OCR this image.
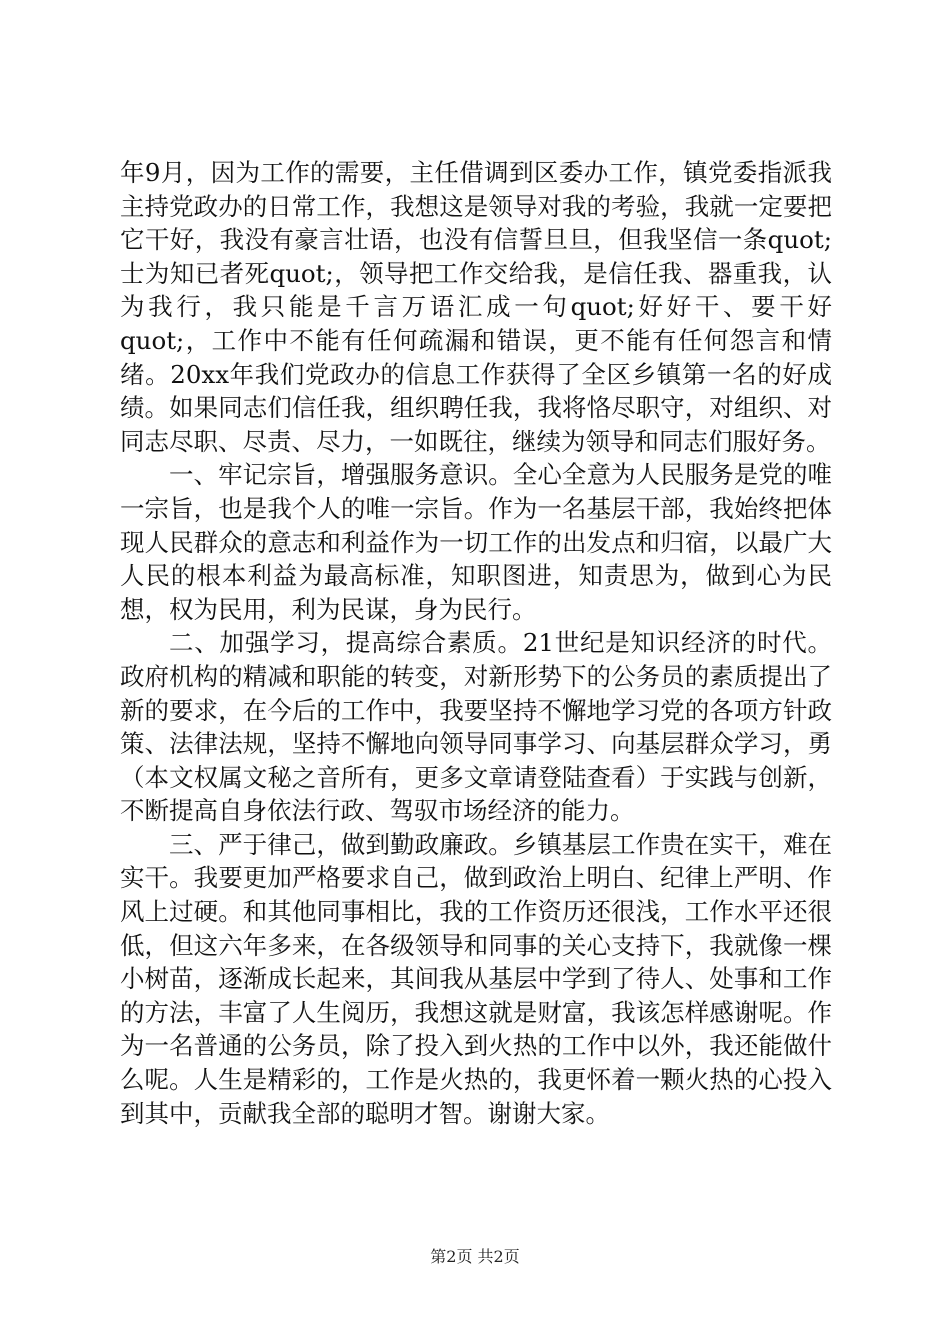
年9月，因为工作的需要，主任借调到区委办工作，镇党委指派我主持党政办的日常工作，我想这是领导对我的考验，我就一定要把它干好，我没有豪言壮语，也没有信誓旦旦，但我坚信一条quot;士为知已者死quot;，领导把工作交给我，是信任我、器重我，认为我行，我只能是千言万语汇成一句quot;好好干、要干好quot;，工作中不能有任何疏漏和错误，更不能有任何怨言和情绪。20xx年我们党政办的信息工作获得了全区乡镇第一名的好成绩。如果同志们信任我，组织聘任我，我将恪尽职守，对组织、对同志尽职、尽责、尽力，一如既往，继续为领导和同志们服好务。

一、牢记宗旨，增强服务意识。全心全意为人民服务是党的唯一宗旨，也是我个人的唯一宗旨。作为一名基层干部，我始终把体现人民群众的意志和利益作为一切工作的出发点和归宿，以最广大人民的根本利益为最高标准，知职图进，知责思为，做到心为民想，权为民用，利为民谋，身为民行。

二、加强学习，提高综合素质。21世纪是知识经济的时代。政府机构的精减和职能的转变，对新形势下的公务员的素质提出了新的要求，在今后的工作中，我要坚持不懈地学习党的各项方针政策、法律法规，坚持不懈地向领导同事学习、向基层群众学习，勇（本文权属文秘之音所有，更多文章请登陆查看）于实践与创新，不断提高自身依法行政、驾驭市场经济的能力。

三、严于律己，做到勤政廉政。乡镇基层工作贵在实干，难在实干。我要更加严格要求自己，做到政治上明白、纪律上严明、作风上过硬。和其他同事相比，我的工作资历还很浅，工作水平还很低，但这六年多来，在各级领导和同事的关心支持下，我就像一棵小树苗，逐渐成长起来，其间我从基层中学到了待人、处事和工作的方法，丰富了人生阅历，我想这就是财富，我该怎样感谢呢。作为一名普通的公务员，除了投入到火热的工作中以外，我还能做什么呢。人生是精彩的，工作是火热的，我更怀着一颗火热的心投入到其中，贡献我全部的聪明才智。谢谢大家。

第2页 共2页
